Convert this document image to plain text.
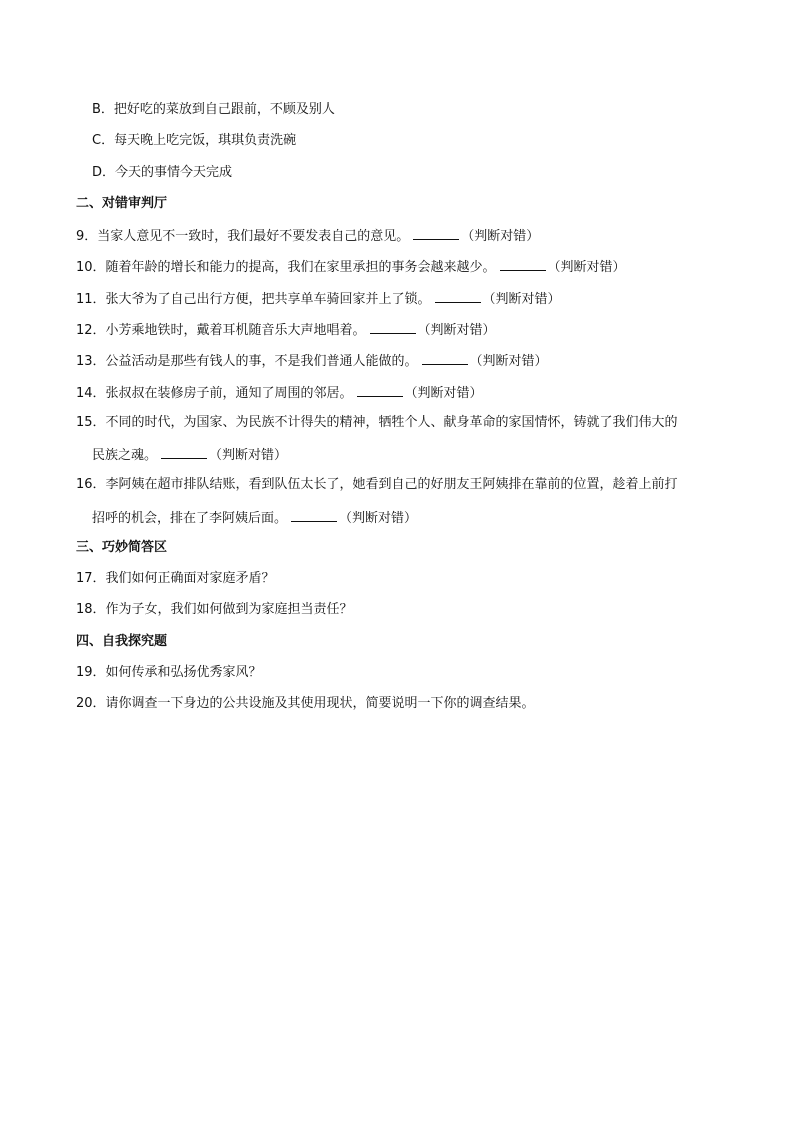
B．把好吃的菜放到自己跟前，不顾及别人
C．每天晚上吃完饭，琪琪负责洗碗
D．今天的事情今天完成
二、对错审判厅
9．当家人意见不一致时，我们最好不要发表自己的意见。	（判断对错）
10．随着年龄的增长和能力的提高，我们在家里承担的事务会越来越少。	（判断对错）
11．张大爷为了自己出行方便，把共享单车骑回家并上了锁。	（判断对错）
12．小芳乘地铁时，戴着耳机随音乐大声地唱着。	（判断对错）
13．公益活动是那些有钱人的事，不是我们普通人能做的。	（判断对错）
14．张叔叔在装修房子前，通知了周围的邻居。	（判断对错）
15．不同的时代，为国家、为民族不计得失的精神，牺牲个人、献身革命的家国情怀，铸就了我们伟大的
民族之魂。	（判断对错）
16．李阿姨在超市排队结账，看到队伍太长了，她看到自己的好朋友王阿姨排在靠前的位置，趁着上前打
招呼的机会，排在了李阿姨后面。	（判断对错）
三、巧妙简答区
17．我们如何正确面对家庭矛盾？
18．作为子女，我们如何做到为家庭担当责任？
四、自我探究题
19．如何传承和弘扬优秀家风？
20．请你调查一下身边的公共设施及其使用现状，简要说明一下你的调查结果。
